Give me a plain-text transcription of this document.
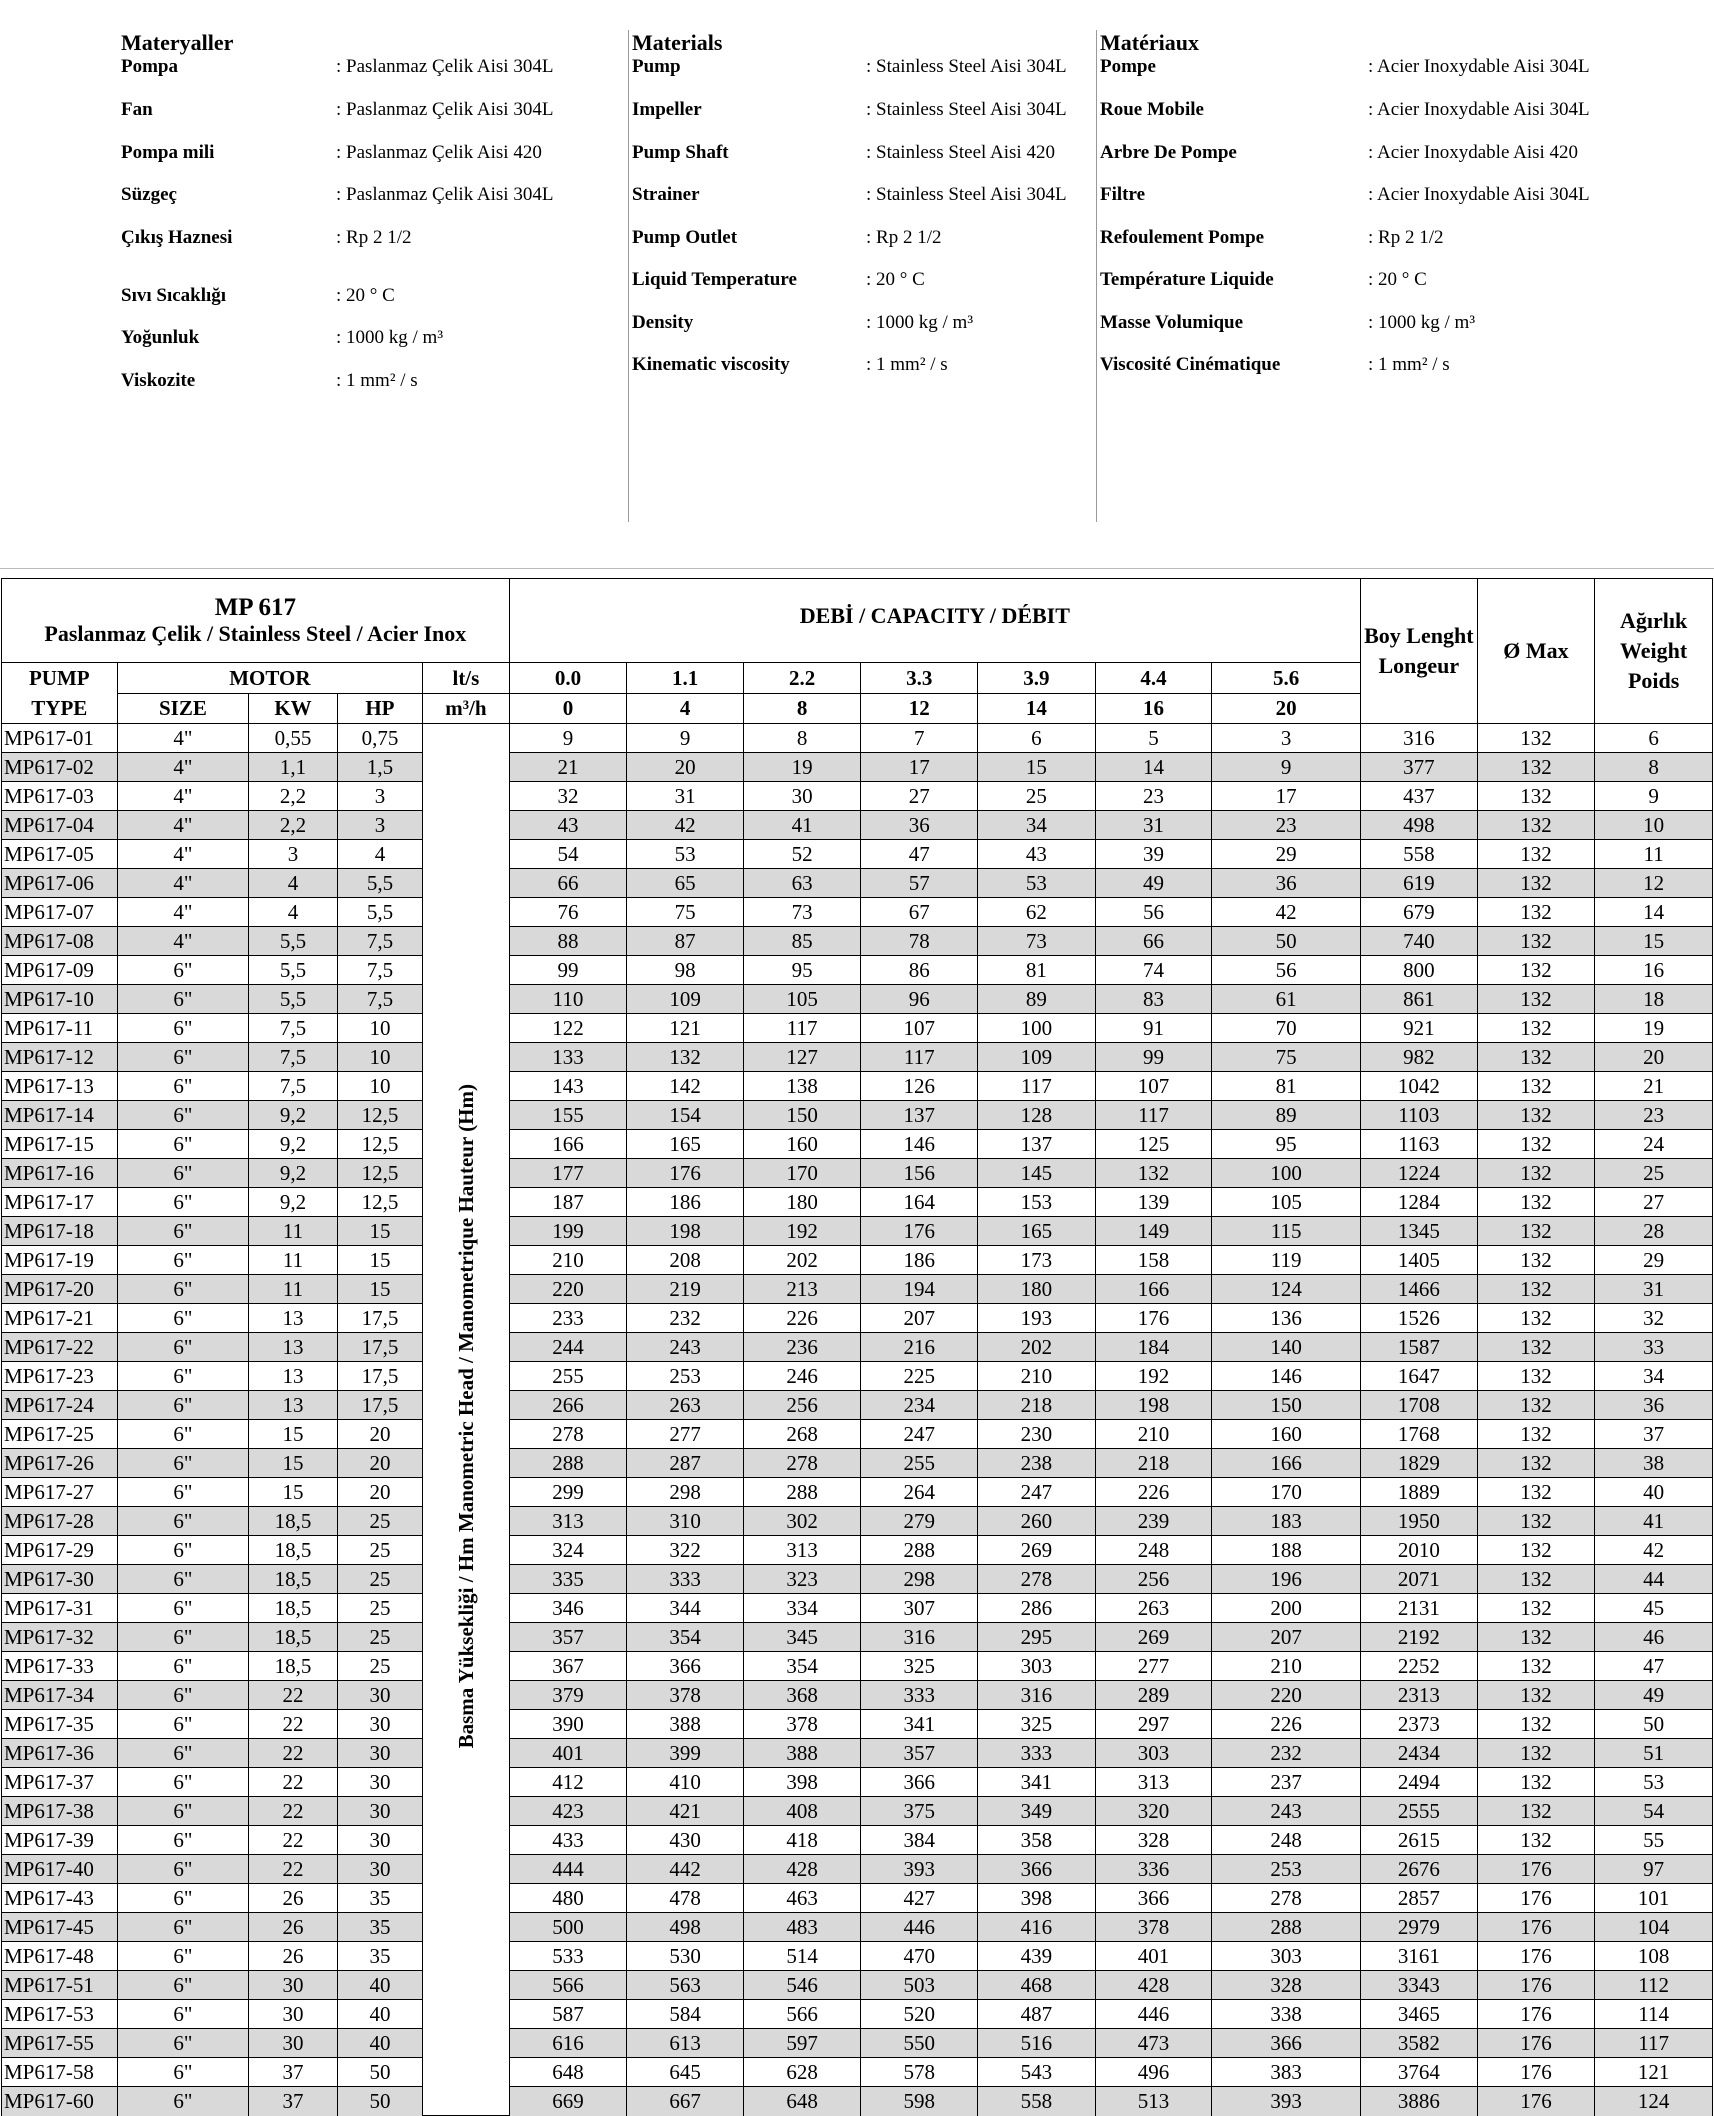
Materyaller
Pompa	: Paslanmaz Çelik Aisi 304L
Fan	: Paslanmaz Çelik Aisi 304L
Pompa mili	: Paslanmaz Çelik Aisi 420
Süzgeç	: Paslanmaz Çelik Aisi 304L
Çıkış Haznesi	: Rp 2 1/2
Sıvı Sıcaklığı	: 20 ° C
Yoğunluk	: 1000 kg / m³
Viskozite	: 1 mm² / s
Materials
Pump	: Stainless Steel Aisi 304L
Impeller	: Stainless Steel Aisi 304L
Pump Shaft	: Stainless Steel Aisi 420
Strainer	: Stainless Steel Aisi 304L
Pump Outlet	: Rp 2 1/2
Liquid Temperature	: 20 ° C
Density	: 1000 kg / m³
Kinematic viscosity	: 1 mm² / s
Matériaux
Pompe	: Acier Inoxydable Aisi 304L
Roue Mobile	: Acier Inoxydable Aisi 304L
Arbre De Pompe	: Acier Inoxydable Aisi 420
Filtre	: Acier Inoxydable Aisi 304L
Refoulement Pompe	: Rp 2 1/2
Température Liquide	: 20 ° C
Masse Volumique	: 1000 kg / m³
Viscosité Cinématique	: 1 mm² / s
MP 617
Paslanmaz Çelik / Stainless Steel / Acier Inox					DEBİ / CAPACITY / DÉBIT							Boy Lenght Longeur	Ø Max	Ağırlık Weight Poids
PUMP TYPE	MOTOR			lt/s	0.0	1.1	2.2	3.3	3.9	4.4	5.6			
	SIZE	KW	HP	m³/h	0	4	8	12	14	16	20			
MP617-01	4"	0,55	0,75	Basma Yüksekliği / Hm Manometric Head / Manometrique Hauteur (Hm)	9	9	8	7	6	5	3	316	132	6
MP617-02	4"	1,1	1,5		21	20	19	17	15	14	9	377	132	8
MP617-03	4"	2,2	3		32	31	30	27	25	23	17	437	132	9
MP617-04	4"	2,2	3		43	42	41	36	34	31	23	498	132	10
MP617-05	4"	3	4		54	53	52	47	43	39	29	558	132	11
MP617-06	4"	4	5,5		66	65	63	57	53	49	36	619	132	12
MP617-07	4"	4	5,5		76	75	73	67	62	56	42	679	132	14
MP617-08	4"	5,5	7,5		88	87	85	78	73	66	50	740	132	15
MP617-09	6"	5,5	7,5		99	98	95	86	81	74	56	800	132	16
MP617-10	6"	5,5	7,5		110	109	105	96	89	83	61	861	132	18
MP617-11	6"	7,5	10		122	121	117	107	100	91	70	921	132	19
MP617-12	6"	7,5	10		133	132	127	117	109	99	75	982	132	20
MP617-13	6"	7,5	10		143	142	138	126	117	107	81	1042	132	21
MP617-14	6"	9,2	12,5		155	154	150	137	128	117	89	1103	132	23
MP617-15	6"	9,2	12,5		166	165	160	146	137	125	95	1163	132	24
MP617-16	6"	9,2	12,5		177	176	170	156	145	132	100	1224	132	25
MP617-17	6"	9,2	12,5		187	186	180	164	153	139	105	1284	132	27
MP617-18	6"	11	15		199	198	192	176	165	149	115	1345	132	28
MP617-19	6"	11	15		210	208	202	186	173	158	119	1405	132	29
MP617-20	6"	11	15		220	219	213	194	180	166	124	1466	132	31
MP617-21	6"	13	17,5		233	232	226	207	193	176	136	1526	132	32
MP617-22	6"	13	17,5		244	243	236	216	202	184	140	1587	132	33
MP617-23	6"	13	17,5		255	253	246	225	210	192	146	1647	132	34
MP617-24	6"	13	17,5		266	263	256	234	218	198	150	1708	132	36
MP617-25	6"	15	20		278	277	268	247	230	210	160	1768	132	37
MP617-26	6"	15	20		288	287	278	255	238	218	166	1829	132	38
MP617-27	6"	15	20		299	298	288	264	247	226	170	1889	132	40
MP617-28	6"	18,5	25		313	310	302	279	260	239	183	1950	132	41
MP617-29	6"	18,5	25		324	322	313	288	269	248	188	2010	132	42
MP617-30	6"	18,5	25		335	333	323	298	278	256	196	2071	132	44
MP617-31	6"	18,5	25		346	344	334	307	286	263	200	2131	132	45
MP617-32	6"	18,5	25		357	354	345	316	295	269	207	2192	132	46
MP617-33	6"	18,5	25		367	366	354	325	303	277	210	2252	132	47
MP617-34	6"	22	30		379	378	368	333	316	289	220	2313	132	49
MP617-35	6"	22	30		390	388	378	341	325	297	226	2373	132	50
MP617-36	6"	22	30		401	399	388	357	333	303	232	2434	132	51
MP617-37	6"	22	30		412	410	398	366	341	313	237	2494	132	53
MP617-38	6"	22	30		423	421	408	375	349	320	243	2555	132	54
MP617-39	6"	22	30		433	430	418	384	358	328	248	2615	132	55
MP617-40	6"	22	30		444	442	428	393	366	336	253	2676	176	97
MP617-43	6"	26	35		480	478	463	427	398	366	278	2857	176	101
MP617-45	6"	26	35		500	498	483	446	416	378	288	2979	176	104
MP617-48	6"	26	35		533	530	514	470	439	401	303	3161	176	108
MP617-51	6"	30	40		566	563	546	503	468	428	328	3343	176	112
MP617-53	6"	30	40		587	584	566	520	487	446	338	3465	176	114
MP617-55	6"	30	40		616	613	597	550	516	473	366	3582	176	117
MP617-58	6"	37	50		648	645	628	578	543	496	383	3764	176	121
MP617-60	6"	37	50		669	667	648	598	558	513	393	3886	176	124
